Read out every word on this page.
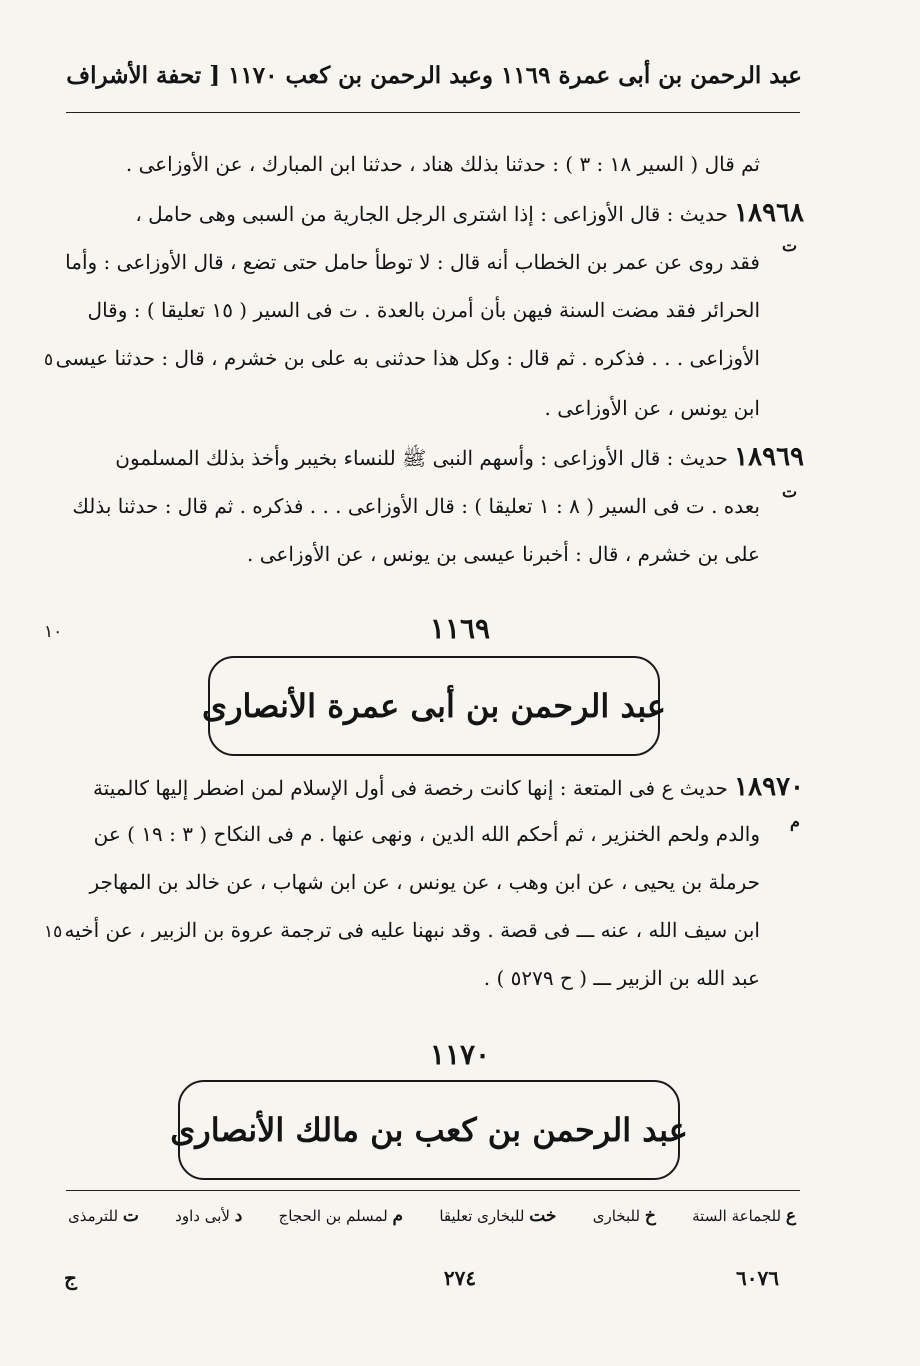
عبد الرحمن بن أبى عمرة ١١٦٩ وعبد الرحمن بن كعب ١١٧٠ [ تحفة الأشراف
ثم قال ( السير ١٨ : ٣ ) : حدثنا بذلك هناد ، حدثنا ابن المبارك ، عن الأوزاعى .
١٨٩٦٨ حديث : قال الأوزاعى : إذا اشترى الرجل الجارية من السبى وهى حامل ،
ت
فقد روى عن عمر بن الخطاب أنه قال : لا توطأ حامل حتى تضع ، قال الأوزاعى : وأما
الحرائر فقد مضت السنة فيهن بأن أمرن بالعدة . ت فى السير ( ١٥ تعليقا ) : وقال
الأوزاعى . . . فذكره . ثم قال : وكل هذا حدثنى به على بن خشرم ، قال : حدثنا عيسى
٥
ابن يونس ، عن الأوزاعى .
١٨٩٦٩ حديث : قال الأوزاعى : وأسهم النبى ﷺ للنساء بخيبر وأخذ بذلك المسلمون
ت
بعده . ت فى السير ( ٨ : ١ تعليقا ) : قال الأوزاعى . . . فذكره . ثم قال : حدثنا بذلك
على بن خشرم ، قال : أخبرنا عيسى بن يونس ، عن الأوزاعى .
١٠	١١٦٩
عبد الرحمن بن أبى عمرة الأنصارى
١٨٩٧٠ حديث ع فى المتعة : إنها كانت رخصة فى أول الإسلام لمن اضطر إليها كالميتة
م
والدم ولحم الخنزير ، ثم أحكم الله الدين ، ونهى عنها . م فى النكاح ( ٣ : ١٩ ) عن
حرملة بن يحيى ، عن ابن وهب ، عن يونس ، عن ابن شهاب ، عن خالد بن المهاجر
ابن سيف الله ، عنه ـــ فى قصة . وقد نبهنا عليه فى ترجمة عروة بن الزبير ، عن أخيه
١٥
عبد الله بن الزبير ـــ ( ح ٥٢٧٩ ) .
١١٧٠
عبد الرحمن بن كعب بن مالك الأنصارى
ع للجماعة الستة
خ للبخارى
خت للبخارى تعليقا
م لمسلم بن الحجاج
د لأبى داود
ت للترمذى
٦٠٧٦
٢٧٤
ج
